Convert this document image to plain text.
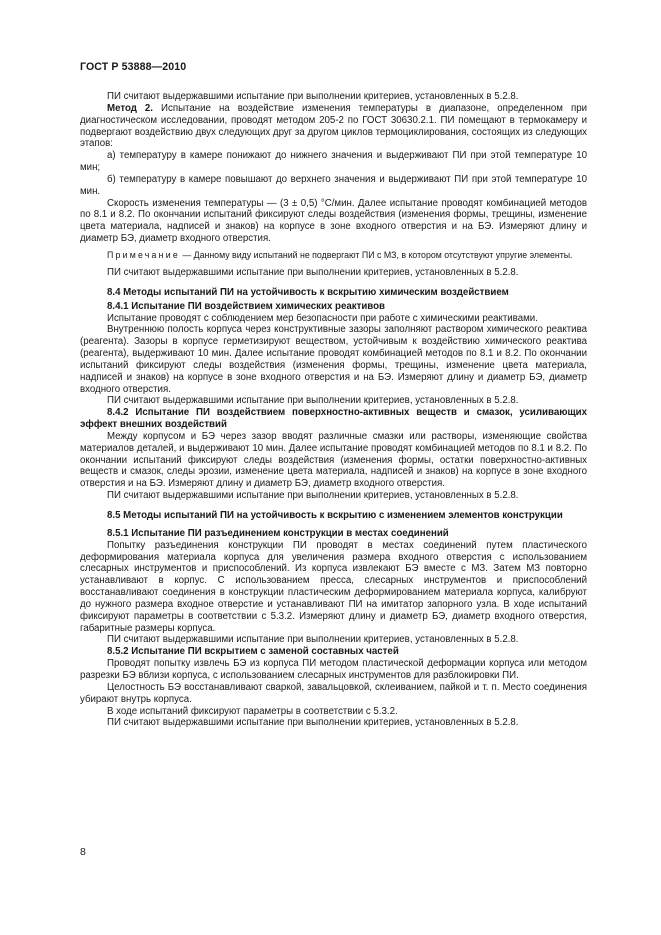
ГОСТ Р 53888—2010

ПИ считают выдержавшими испытание при выполнении критериев, установленных в 5.2.8.

Метод 2. Испытание на воздействие изменения температуры в диапазоне, определенном при диагностическом исследовании, проводят методом 205-2 по ГОСТ 30630.2.1. ПИ помещают в термокамеру и подвергают воздействию двух следующих друг за другом циклов термоциклирования, состоящих из следующих этапов:

а) температуру в камере понижают до нижнего значения и выдерживают ПИ при этой температуре 10 мин;

б) температуру в камере повышают до верхнего значения и выдерживают ПИ при этой температуре 10 мин.

Скорость изменения температуры — (3 ± 0,5) °С/мин. Далее испытание проводят комбинацией методов по 8.1 и 8.2. По окончании испытаний фиксируют следы воздействия (изменения формы, трещины, изменение цвета материала, надписей и знаков) на корпусе в зоне входного отверстия и на БЭ. Измеряют длину и диаметр БЭ, диаметр входного отверстия.

Примечание — Данному виду испытаний не подвергают ПИ с МЗ, в котором отсутствуют упругие элементы.

ПИ считают выдержавшими испытание при выполнении критериев, установленных в 5.2.8.

8.4 Методы испытаний ПИ на устойчивость к вскрытию химическим воздействием

8.4.1 Испытание ПИ воздействием химических реактивов

Испытание проводят с соблюдением мер безопасности при работе с химическими реактивами.

Внутреннюю полость корпуса через конструктивные зазоры заполняют раствором химического реактива (реагента). Зазоры в корпусе герметизируют веществом, устойчивым к воздействию химического реактива (реагента), выдерживают 10 мин. Далее испытание проводят комбинацией методов по 8.1 и 8.2. По окончании испытаний фиксируют следы воздействия (изменения формы, трещины, изменение цвета материала, надписей и знаков) на корпусе в зоне входного отверстия и на БЭ. Измеряют длину и диаметр БЭ, диаметр входного отверстия.

ПИ считают выдержавшими испытание при выполнении критериев, установленных в 5.2.8.

8.4.2 Испытание ПИ воздействием поверхностно-активных веществ и смазок, усиливающих эффект внешних воздействий

Между корпусом и БЭ через зазор вводят различные смазки или растворы, изменяющие свойства материалов деталей, и выдерживают 10 мин. Далее испытание проводят комбинацией методов по 8.1 и 8.2. По окончании испытаний фиксируют следы воздействия (изменения формы, остатки поверхностно-активных веществ и смазок, следы эрозии, изменение цвета материала, надписей и знаков) на корпусе в зоне входного отверстия и на БЭ. Измеряют длину и диаметр БЭ, диаметр входного отверстия.

ПИ считают выдержавшими испытание при выполнении критериев, установленных в 5.2.8.

8.5 Методы испытаний ПИ на устойчивость к вскрытию с изменением элементов конструкции

8.5.1 Испытание ПИ разъединением конструкции в местах соединений

Попытку разъединения конструкции ПИ проводят в местах соединений путем пластического деформирования материала корпуса для увеличения размера входного отверстия с использованием слесарных инструментов и приспособлений. Из корпуса извлекают БЭ вместе с МЗ. Затем МЗ повторно устанавливают в корпус. С использованием пресса, слесарных инструментов и приспособлений восстанавливают соединения в конструкции пластическим деформированием материала корпуса, калибруют до нужного размера входное отверстие и устанавливают ПИ на имитатор запорного узла. В ходе испытаний фиксируют параметры в соответствии с 5.3.2. Измеряют длину и диаметр БЭ, диаметр входного отверстия, габаритные размеры корпуса.

ПИ считают выдержавшими испытание при выполнении критериев, установленных в 5.2.8.

8.5.2 Испытание ПИ вскрытием с заменой составных частей

Проводят попытку извлечь БЭ из корпуса ПИ методом пластической деформации корпуса или методом разрезки БЭ вблизи корпуса, с использованием слесарных инструментов для разблокировки ПИ.

Целостность БЭ восстанавливают сваркой, завальцовкой, склеиванием, пайкой и т. п. Место соединения убирают внутрь корпуса.

В ходе испытаний фиксируют параметры в соответствии с 5.3.2.

ПИ считают выдержавшими испытание при выполнении критериев, установленных в 5.2.8.

8
